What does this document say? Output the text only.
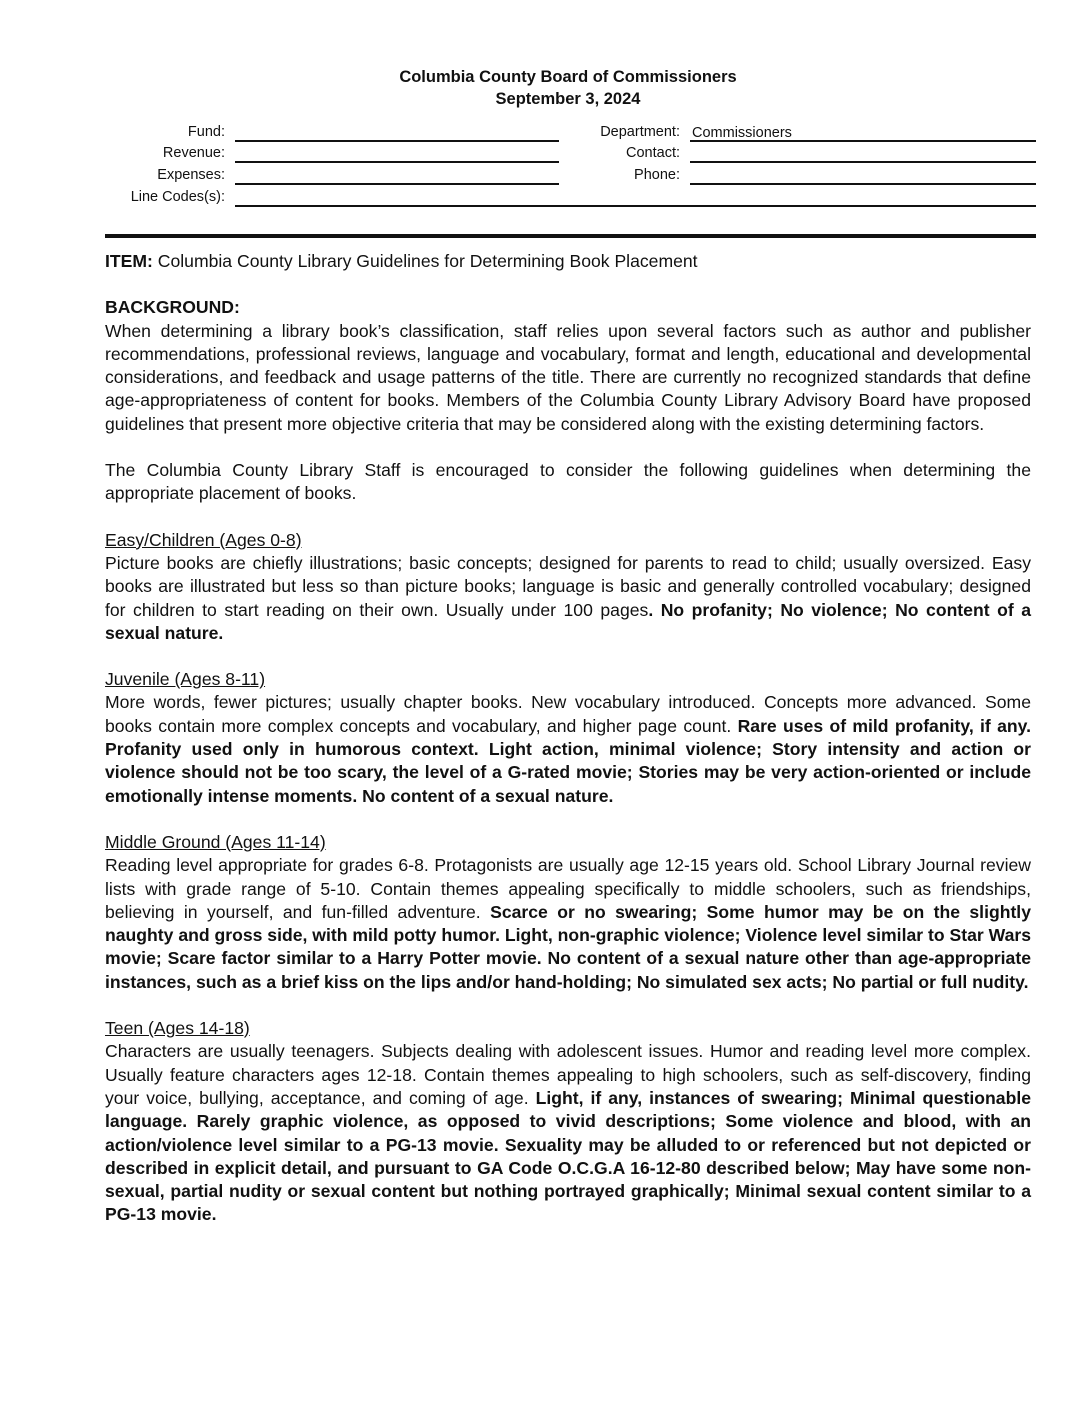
Columbia County Board of Commissioners
September 3, 2024
Fund:
Revenue:
Expenses:
Line Codes(s):
Department: Commissioners
Contact:
Phone:

ITEM: Columbia County Library Guidelines for Determining Book Placement

BACKGROUND:

When determining a library book’s classification, staff relies upon several factors such as author and publisher recommendations, professional reviews, language and vocabulary, format and length, educational and developmental considerations, and feedback and usage patterns of the title. There are currently no recognized standards that define age-appropriateness of content for books. Members of the Columbia County Library Advisory Board have proposed guidelines that present more objective criteria that may be considered along with the existing determining factors.

The Columbia County Library Staff is encouraged to consider the following guidelines when determining the appropriate placement of books.

Easy/Children (Ages 0-8)

Picture books are chiefly illustrations; basic concepts; designed for parents to read to child; usually oversized. Easy books are illustrated but less so than picture books; language is basic and generally controlled vocabulary; designed for children to start reading on their own. Usually under 100 pages. No profanity; No violence; No content of a sexual nature.

Juvenile (Ages 8-11)

More words, fewer pictures; usually chapter books. New vocabulary introduced. Concepts more advanced. Some books contain more complex concepts and vocabulary, and higher page count. Rare uses of mild profanity, if any. Profanity used only in humorous context. Light action, minimal violence; Story intensity and action or violence should not be too scary, the level of a G-rated movie; Stories may be very action-oriented or include emotionally intense moments. No content of a sexual nature.

Middle Ground (Ages 11-14)

Reading level appropriate for grades 6-8. Protagonists are usually age 12-15 years old. School Library Journal review lists with grade range of 5-10. Contain themes appealing specifically to middle schoolers, such as friendships, believing in yourself, and fun-filled adventure. Scarce or no swearing; Some humor may be on the slightly naughty and gross side, with mild potty humor. Light, non-graphic violence; Violence level similar to Star Wars movie; Scare factor similar to a Harry Potter movie. No content of a sexual nature other than age-appropriate instances, such as a brief kiss on the lips and/or hand-holding; No simulated sex acts; No partial or full nudity.

Teen (Ages 14-18)

Characters are usually teenagers. Subjects dealing with adolescent issues. Humor and reading level more complex. Usually feature characters ages 12-18. Contain themes appealing to high schoolers, such as self-discovery, finding your voice, bullying, acceptance, and coming of age. Light, if any, instances of swearing; Minimal questionable language. Rarely graphic violence, as opposed to vivid descriptions; Some violence and blood, with an action/violence level similar to a PG-13 movie. Sexuality may be alluded to or referenced but not depicted or described in explicit detail, and pursuant to GA Code O.C.G.A 16-12-80 described below; May have some non-sexual, partial nudity or sexual content but nothing portrayed graphically; Minimal sexual content similar to a PG-13 movie.
